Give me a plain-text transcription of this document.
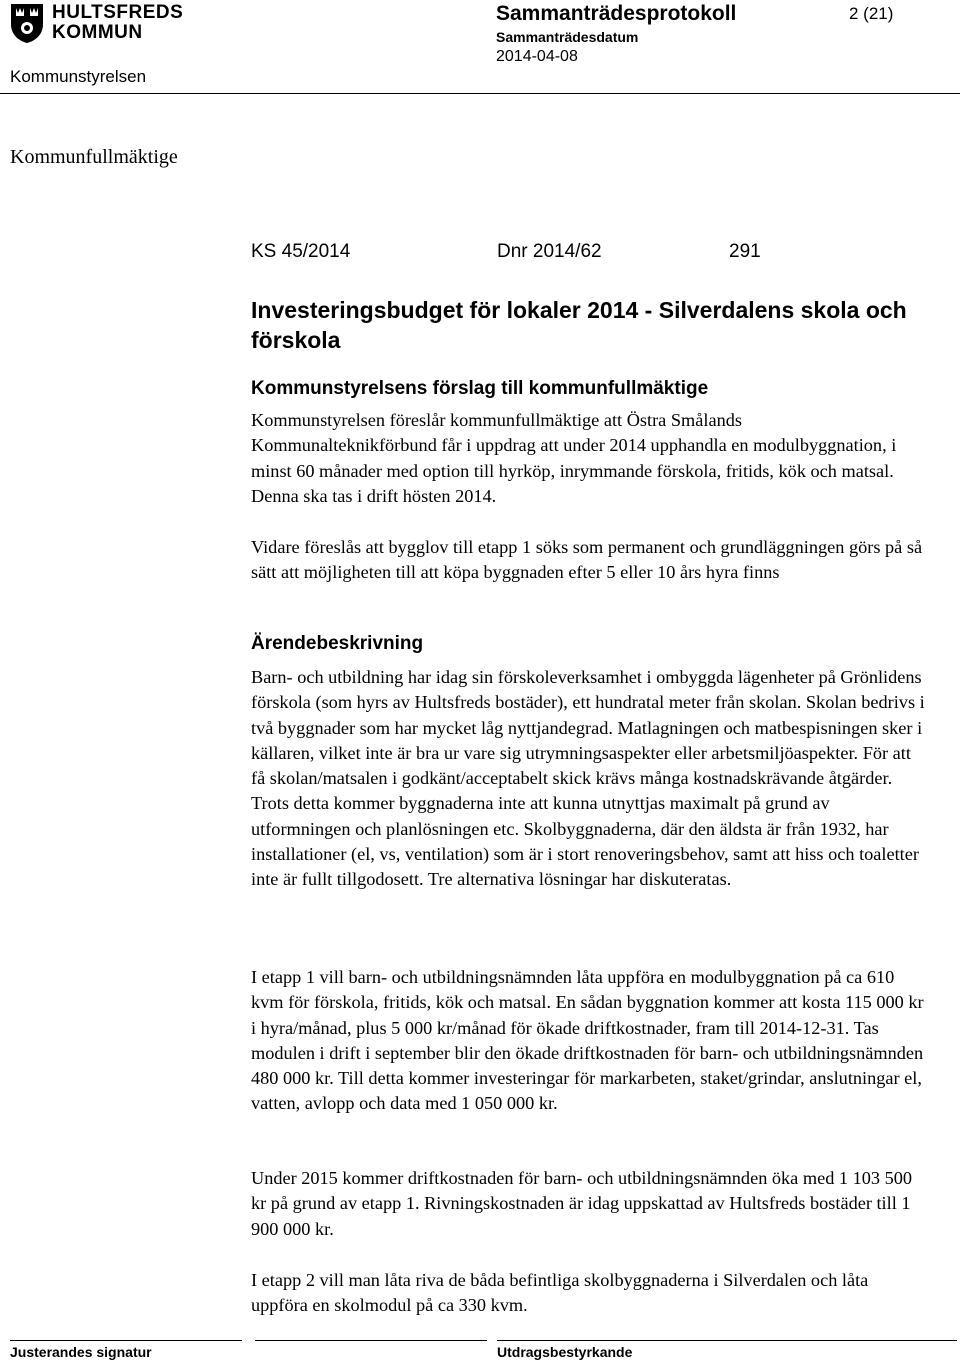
HULTSFREDS
KOMMUN
Sammanträdesprotokoll	2 (21)
Sammanträdesdatum
2014-04-08
Kommunstyrelsen
Kommunfullmäktige
KS 45/2014	Dnr 2014/62	291
Investeringsbudget för lokaler 2014 - Silverdalens skola och förskola
Kommunstyrelsens förslag till kommunfullmäktige
Kommunstyrelsen föreslår kommunfullmäktige att Östra Smålands Kommunalteknikförbund får i uppdrag att under 2014 upphandla en modulbyggnation, i minst 60 månader med option till hyrköp, inrymmande förskola, fritids, kök och matsal. Denna ska tas i drift hösten 2014.
Vidare föreslås att bygglov till etapp 1 söks som permanent och grundläggningen görs på så sätt att möjligheten till att köpa byggnaden efter 5 eller 10 års hyra finns
Ärendebeskrivning
Barn- och utbildning har idag sin förskoleverksamhet i ombyggda lägenheter på Grönlidens förskola (som hyrs av Hultsfreds bostäder), ett hundratal meter från skolan. Skolan bedrivs i två byggnader som har mycket låg nyttjandegrad. Matlagningen och matbespisningen sker i källaren, vilket inte är bra ur vare sig utrymningsaspekter eller arbetsmiljöaspekter. För att få skolan/matsalen i godkänt/acceptabelt skick krävs många kostnadskrävande åtgärder. Trots detta kommer byggnaderna inte att kunna utnyttjas maximalt på grund av utformningen och planlösningen etc. Skolbyggnaderna, där den äldsta är från 1932, har installationer (el, vs, ventilation) som är i stort renoveringsbehov, samt att hiss och toaletter inte är fullt tillgodosett. Tre alternativa lösningar har diskuteratas.
I etapp 1 vill barn- och utbildningsnämnden låta uppföra en modulbyggnation på ca 610 kvm för förskola, fritids, kök och matsal. En sådan byggnation kommer att kosta 115 000 kr i hyra/månad, plus 5 000 kr/månad för ökade driftkostnader, fram till 2014-12-31. Tas modulen i drift i september blir den ökade driftkostnaden för barn- och utbildningsnämnden 480 000 kr. Till detta kommer investeringar för markarbeten, staket/grindar, anslutningar el, vatten, avlopp och data med 1 050 000 kr.
Under 2015 kommer driftkostnaden för barn- och utbildningsnämnden öka med 1 103 500 kr på grund av etapp 1. Rivningskostnaden är idag uppskattad av Hultsfreds bostäder till 1 900 000 kr.
I etapp 2 vill man låta riva de båda befintliga skolbyggnaderna i Silverdalen och låta uppföra en skolmodul på ca 330 kvm.
Justerandes signatur	Utdragsbestyrkande
